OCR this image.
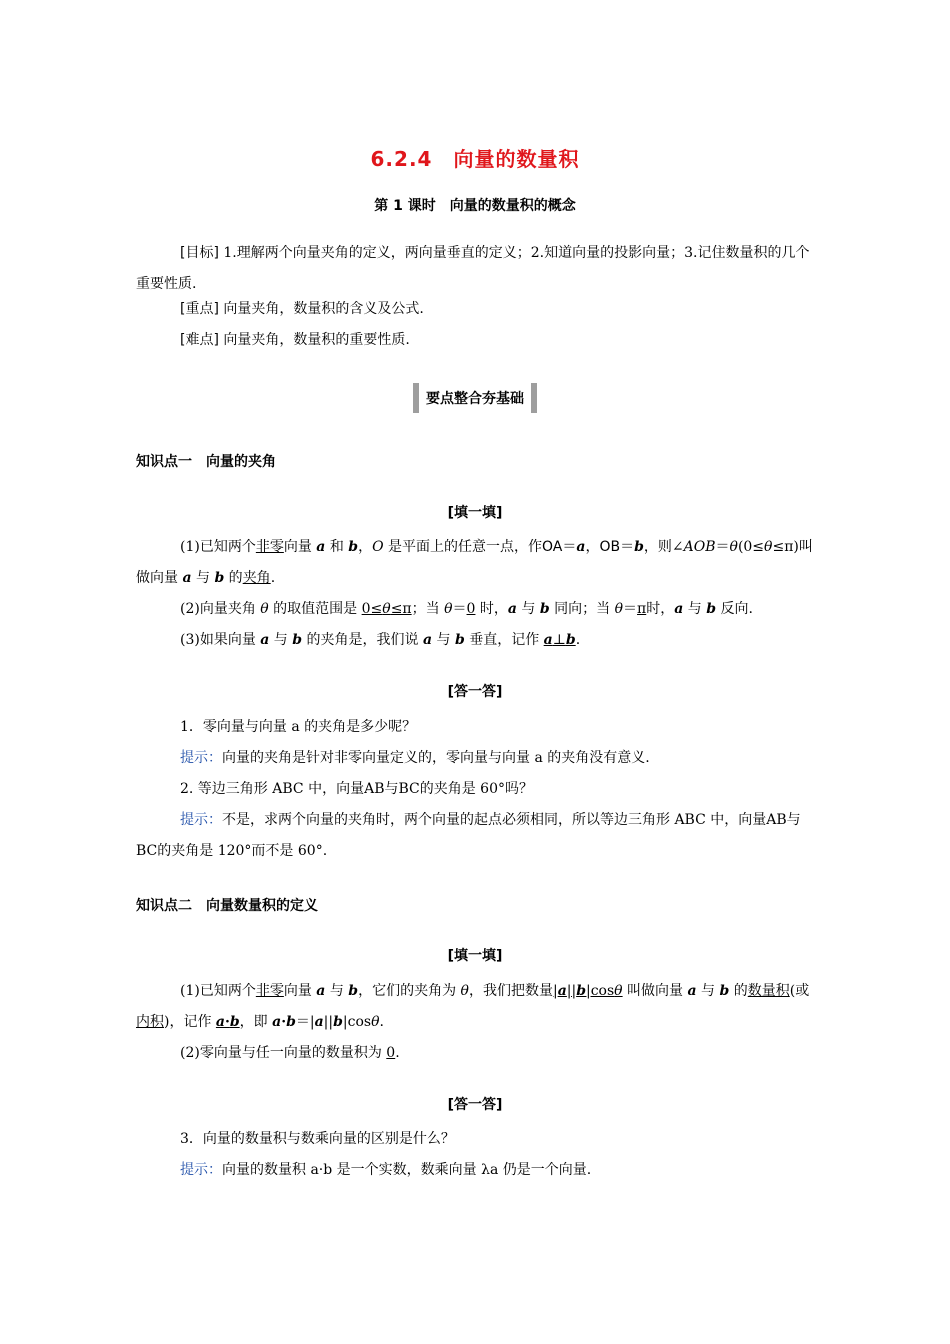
6.2.4　向量的数量积
第 1 课时　向量的数量积的概念

[目标] 1.理解两个向量夹角的定义，两向量垂直的定义；2.知道向量的投影向量；3.记住数量积的几个重要性质.

[重点] 向量夹角，数量积的含义及公式.

[难点] 向量夹角，数量积的重要性质.

要点整合夯基础
知识点一　向量的夹角
[填一填]

(1)已知两个非零向量 a 和 b，O 是平面上的任意一点，作OA＝a，OB＝b，则∠AOB＝θ(0≤θ≤π)叫做向量 a 与 b 的夹角.

(2)向量夹角 θ 的取值范围是 0≤θ≤π；当 θ＝0 时，a 与 b 同向；当 θ＝π时，a 与 b 反向.

(3)如果向量 a 与 b 的夹角是，我们说 a 与 b 垂直，记作 a⊥b.

[答一答]

1．零向量与向量 a 的夹角是多少呢？

提示：向量的夹角是针对非零向量定义的，零向量与向量 a 的夹角没有意义.

2. 等边三角形 ABC 中，向量AB与BC的夹角是 60°吗？

提示：不是，求两个向量的夹角时，两个向量的起点必须相同，所以等边三角形 ABC 中，向量AB与BC的夹角是 120°而不是 60°.

知识点二　向量数量积的定义
[填一填]

(1)已知两个非零向量 a 与 b，它们的夹角为 θ，我们把数量|a||b|cosθ 叫做向量 a 与 b 的数量积(或内积)，记作 a·b，即 a·b＝|a||b|cosθ.

(2)零向量与任一向量的数量积为 0.

[答一答]

3．向量的数量积与数乘向量的区别是什么？

提示：向量的数量积 a·b 是一个实数，数乘向量 λa 仍是一个向量.
